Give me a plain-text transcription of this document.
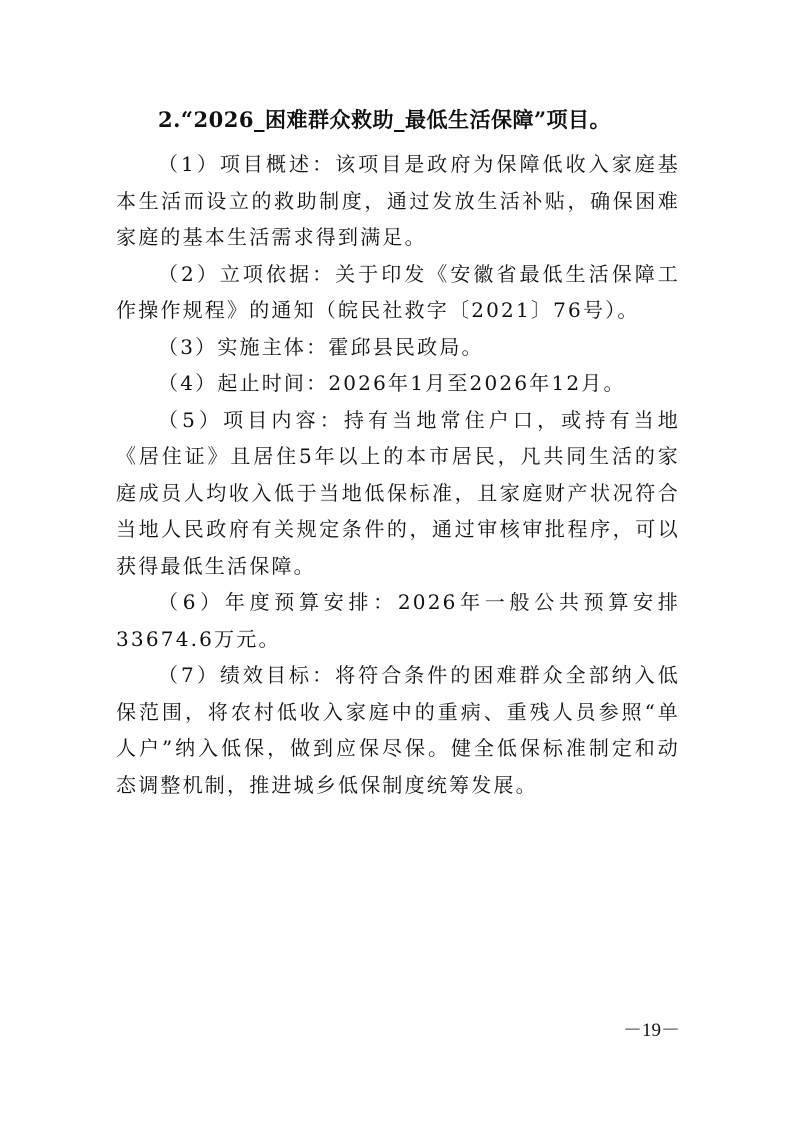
2.“2026_困难群众救助_最低生活保障”项目。

（1）项目概述：该项目是政府为保障低收入家庭基本生活而设立的救助制度，通过发放生活补贴，确保困难家庭的基本生活需求得到满足。

（2）立项依据：关于印发《安徽省最低生活保障工作操作规程》的通知（皖民社救字〔2021〕76号）。

（3）实施主体：霍邱县民政局。

（4）起止时间：2026年1月至2026年12月。

（5）项目内容：持有当地常住户口，或持有当地《居住证》且居住5年以上的本市居民，凡共同生活的家庭成员人均收入低于当地低保标准，且家庭财产状况符合当地人民政府有关规定条件的，通过审核审批程序，可以获得最低生活保障。

（6）年度预算安排：2026年一般公共预算安排33674.6万元。

（7）绩效目标：将符合条件的困难群众全部纳入低保范围，将农村低收入家庭中的重病、重残人员参照“单人户”纳入低保，做到应保尽保。健全低保标准制定和动态调整机制，推进城乡低保制度统筹发展。

－19－
